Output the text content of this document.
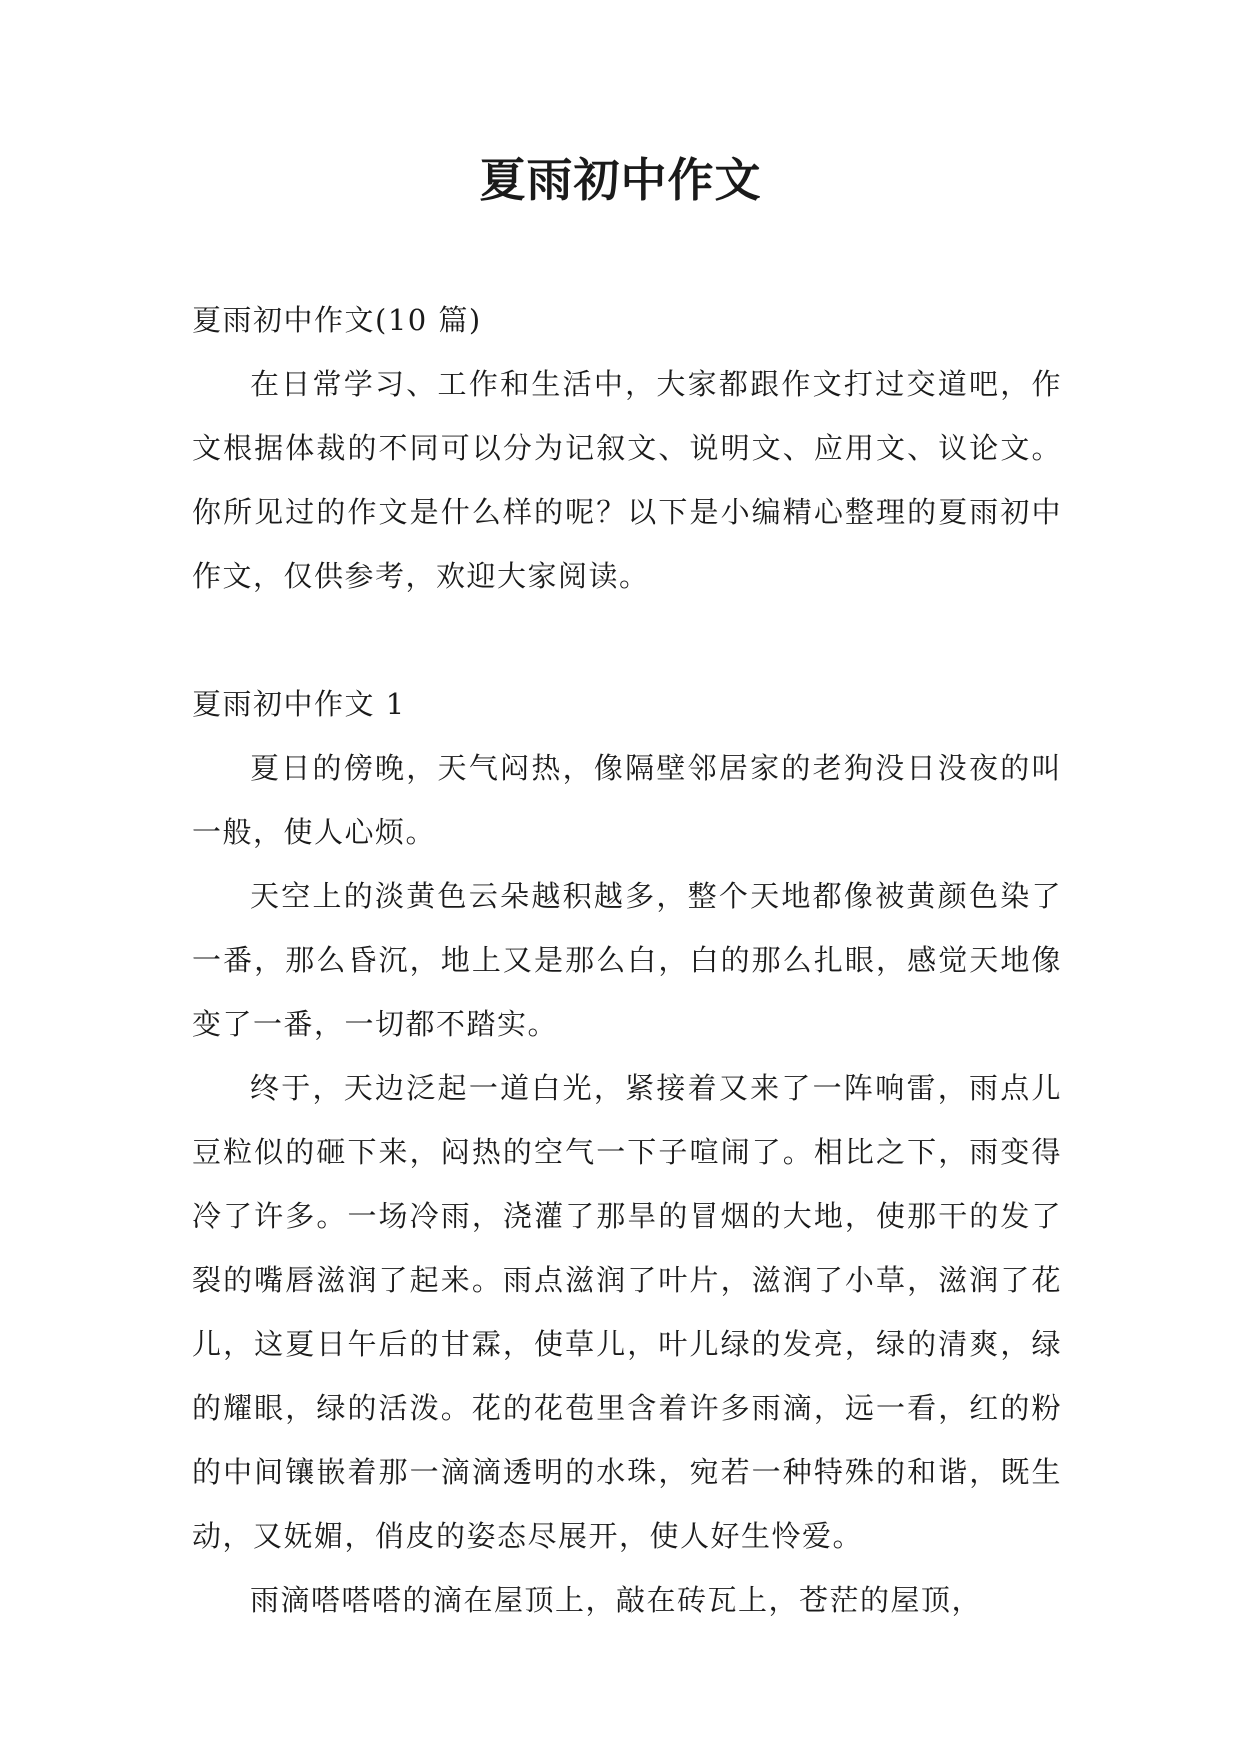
夏雨初中作文

夏雨初中作文(10 篇)

在日常学习、工作和生活中，大家都跟作文打过交道吧，作文根据体裁的不同可以分为记叙文、说明文、应用文、议论文。你所见过的作文是什么样的呢？以下是小编精心整理的夏雨初中作文，仅供参考，欢迎大家阅读。

夏雨初中作文 1

夏日的傍晚，天气闷热，像隔壁邻居家的老狗没日没夜的叫一般，使人心烦。

天空上的淡黄色云朵越积越多，整个天地都像被黄颜色染了一番，那么昏沉，地上又是那么白，白的那么扎眼，感觉天地像变了一番，一切都不踏实。

终于，天边泛起一道白光，紧接着又来了一阵响雷，雨点儿豆粒似的砸下来，闷热的空气一下子喧闹了。相比之下，雨变得冷了许多。一场冷雨，浇灌了那旱的冒烟的大地，使那干的发了裂的嘴唇滋润了起来。雨点滋润了叶片，滋润了小草，滋润了花儿，这夏日午后的甘霖，使草儿，叶儿绿的发亮，绿的清爽，绿的耀眼，绿的活泼。花的花苞里含着许多雨滴，远一看，红的粉的中间镶嵌着那一滴滴透明的水珠，宛若一种特殊的和谐，既生动，又妩媚，俏皮的姿态尽展开，使人好生怜爱。

雨滴嗒嗒嗒的滴在屋顶上，敲在砖瓦上，苍茫的屋顶，
